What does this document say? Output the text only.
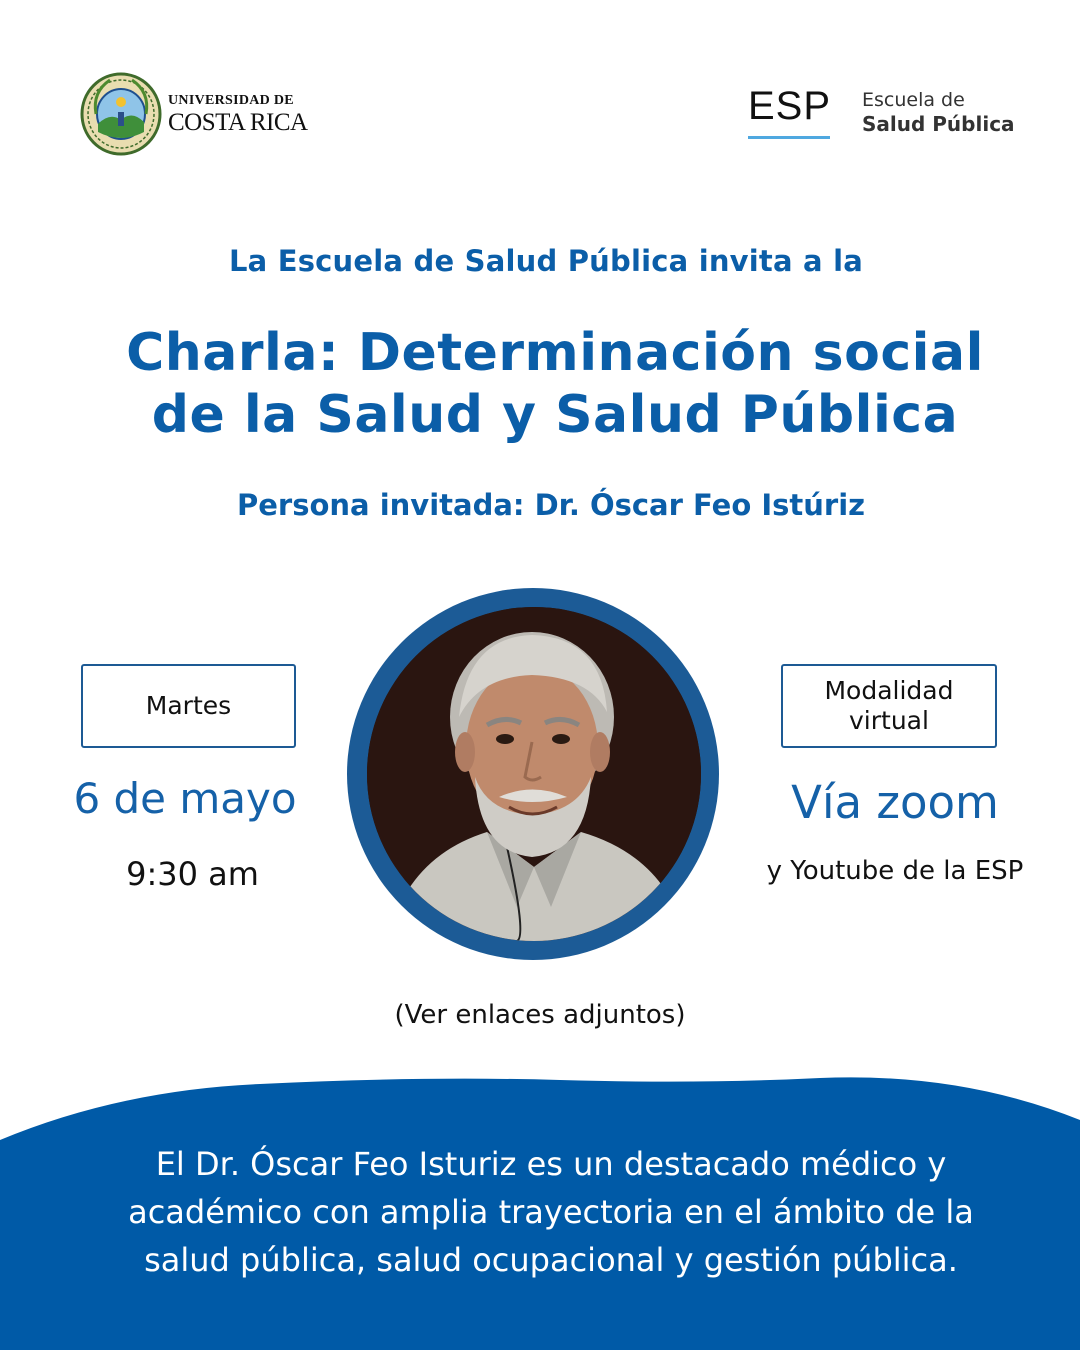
UNIVERSIDAD DE
COSTA RICA	ESP Escuela de
Salud Pública
La Escuela de Salud Pública invita a la
Charla: Determinación social
de la Salud y Salud Pública
Persona invitada: Dr. Óscar Feo Istúriz
Martes
6 de mayo
9:30 am
Modalidad
virtual
Vía zoom
y Youtube de la ESP
(Ver enlaces adjuntos)
El Dr. Óscar Feo Isturiz es un destacado médico y
académico con amplia trayectoria en el ámbito de la
salud pública, salud ocupacional y gestión pública.
